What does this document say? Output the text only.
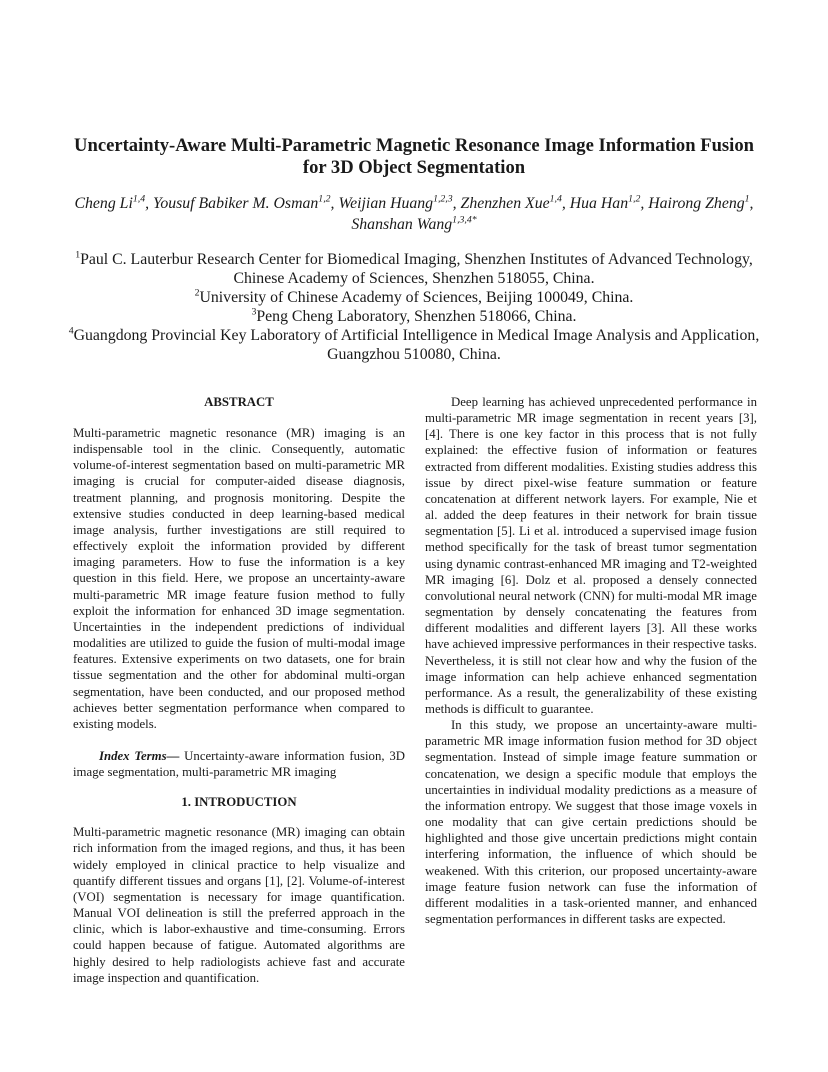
Uncertainty-Aware Multi-Parametric Magnetic Resonance Image Information Fusion for 3D Object Segmentation
Cheng Li$^{1,4}$, Yousuf Babiker M. Osman$^{1,2}$, Weijian Huang$^{1,2,3}$, Zhenzhen Xue$^{1,4}$, Hua Han$^{1,2}$, Hairong Zheng$^1$, Shanshan Wang$^{1,3,4*}$
$^1$Paul C. Lauterbur Research Center for Biomedical Imaging, Shenzhen Institutes of Advanced Technology, Chinese Academy of Sciences, Shenzhen 518055, China.
$^2$University of Chinese Academy of Sciences, Beijing 100049, China.
$^3$Peng Cheng Laboratory, Shenzhen 518066, China.
$^4$Guangdong Provincial Key Laboratory of Artificial Intelligence in Medical Image Analysis and Application, Guangzhou 510080, China.
ABSTRACT

Multi-parametric magnetic resonance (MR) imaging is an indispensable tool in the clinic. Consequently, automatic volume-of-interest segmentation based on multi-parametric MR imaging is crucial for computer-aided disease diagnosis, treatment planning, and prognosis monitoring. Despite the extensive studies conducted in deep learning-based medical image analysis, further investigations are still required to effectively exploit the information provided by different imaging parameters. How to fuse the information is a key question in this field. Here, we propose an uncertainty-aware multi-parametric MR image feature fusion method to fully exploit the information for enhanced 3D image segmentation. Uncertainties in the independent predictions of individual modalities are utilized to guide the fusion of multi-modal image features. Extensive experiments on two datasets, one for brain tissue segmentation and the other for abdominal multi-organ segmentation, have been conducted, and our proposed method achieves better segmentation performance when compared to existing models.

Index Terms— Uncertainty-aware information fusion, 3D image segmentation, multi-parametric MR imaging

1. INTRODUCTION

Multi-parametric magnetic resonance (MR) imaging can obtain rich information from the imaged regions, and thus, it has been widely employed in clinical practice to help visualize and quantify different tissues and organs [1], [2]. Volume-of-interest (VOI) segmentation is necessary for image quantification. Manual VOI delineation is still the preferred approach in the clinic, which is labor-exhaustive and time-consuming. Errors could happen because of fatigue. Automated algorithms are highly desired to help radiologists achieve fast and accurate image inspection and quantification.

Deep learning has achieved unprecedented performance in multi-parametric MR image segmentation in recent years [3], [4]. There is one key factor in this process that is not fully explained: the effective fusion of information or features extracted from different modalities. Existing studies address this issue by direct pixel-wise feature summation or feature concatenation at different network layers. For example, Nie et al. added the deep features in their network for brain tissue segmentation [5]. Li et al. introduced a supervised image fusion method specifically for the task of breast tumor segmentation using dynamic contrast-enhanced MR imaging and T2-weighted MR imaging [6]. Dolz et al. proposed a densely connected convolutional neural network (CNN) for multi-modal MR image segmentation by densely concatenating the features from different modalities and different layers [3]. All these works have achieved impressive performances in their respective tasks. Nevertheless, it is still not clear how and why the fusion of the image information can help achieve enhanced segmentation performance. As a result, the generalizability of these existing methods is difficult to guarantee.

In this study, we propose an uncertainty-aware multi-parametric MR image information fusion method for 3D object segmentation. Instead of simple image feature summation or concatenation, we design a specific module that employs the uncertainties in individual modality predictions as a measure of the information entropy. We suggest that those image voxels in one modality that can give certain predictions should be highlighted and those give uncertain predictions might contain interfering information, the influence of which should be weakened. With this criterion, our proposed uncertainty-aware image feature fusion network can fuse the information of different modalities in a task-oriented manner, and enhanced segmentation performances in different tasks are expected.
